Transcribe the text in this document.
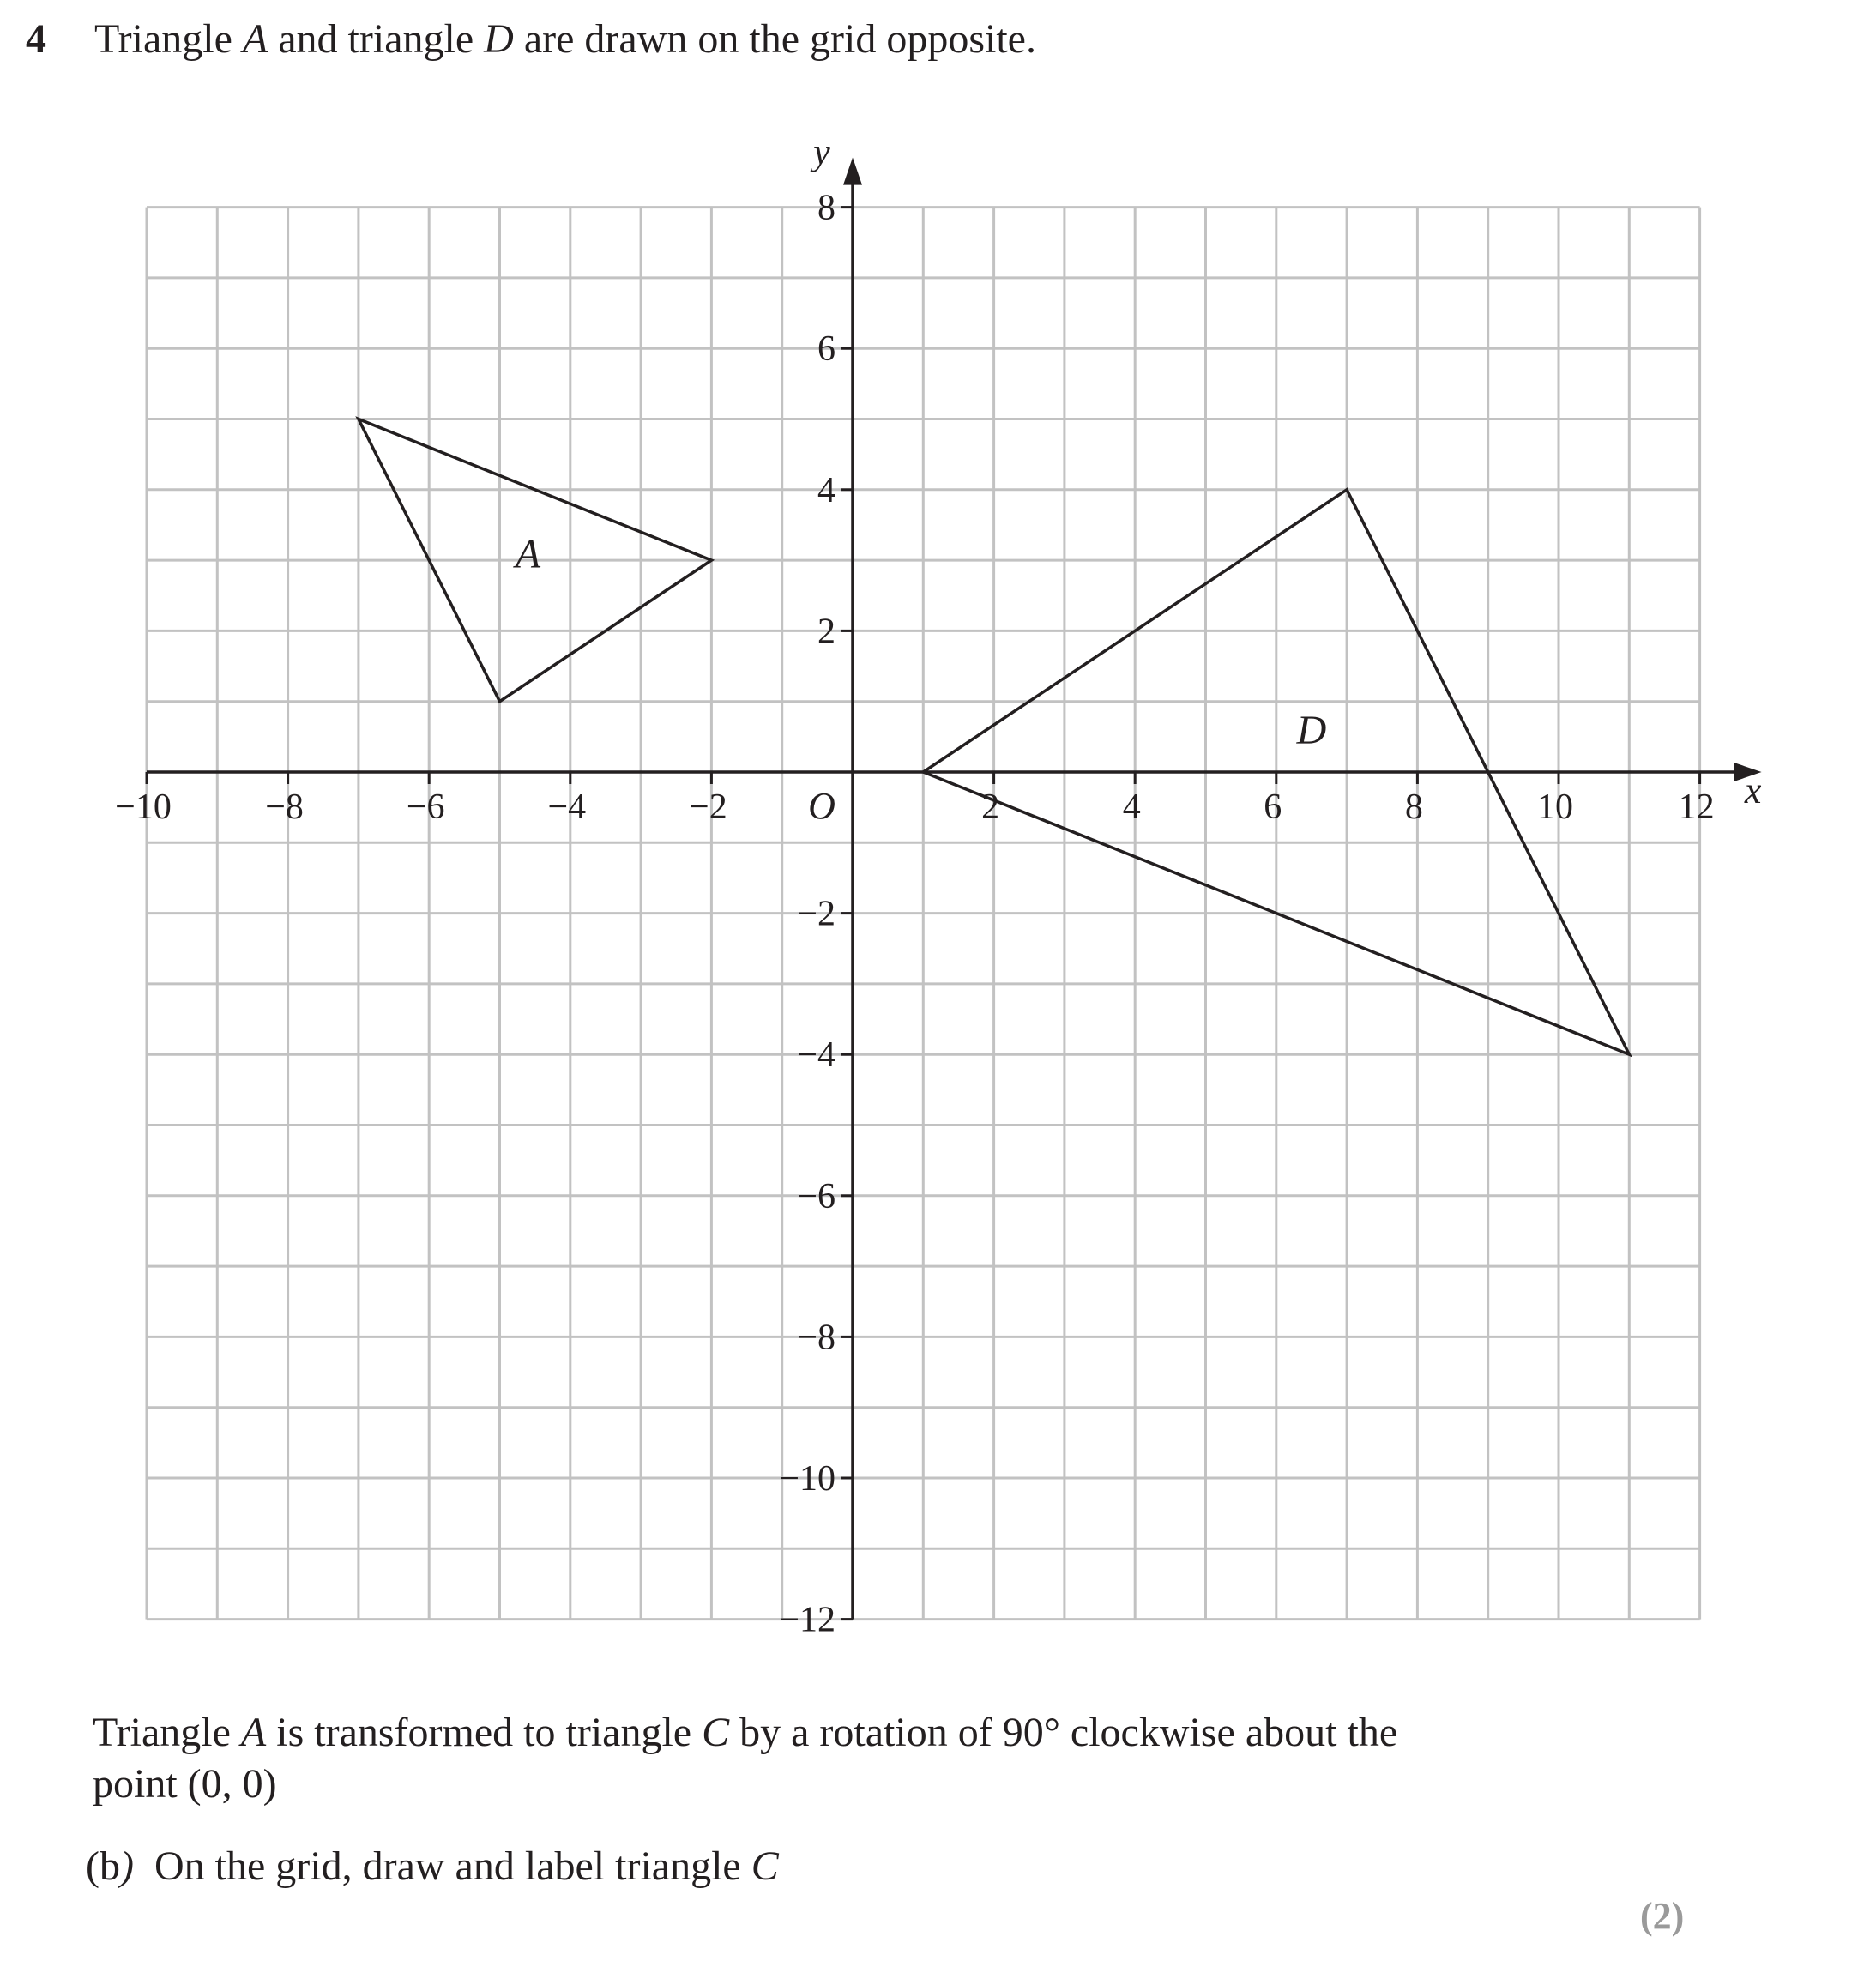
4 Triangle A and triangle D are drawn on the grid opposite.
−10	−8	−6	−4	−2	2	4	6	8	10	12
8
6
4
2
−2
−4
−6
−8
−10
−12
O	x
y
A
D
Triangle A is transformed to triangle C by a rotation of 90° clockwise about the
point (0, 0)
(b) On the grid, draw and label triangle C
(2)
